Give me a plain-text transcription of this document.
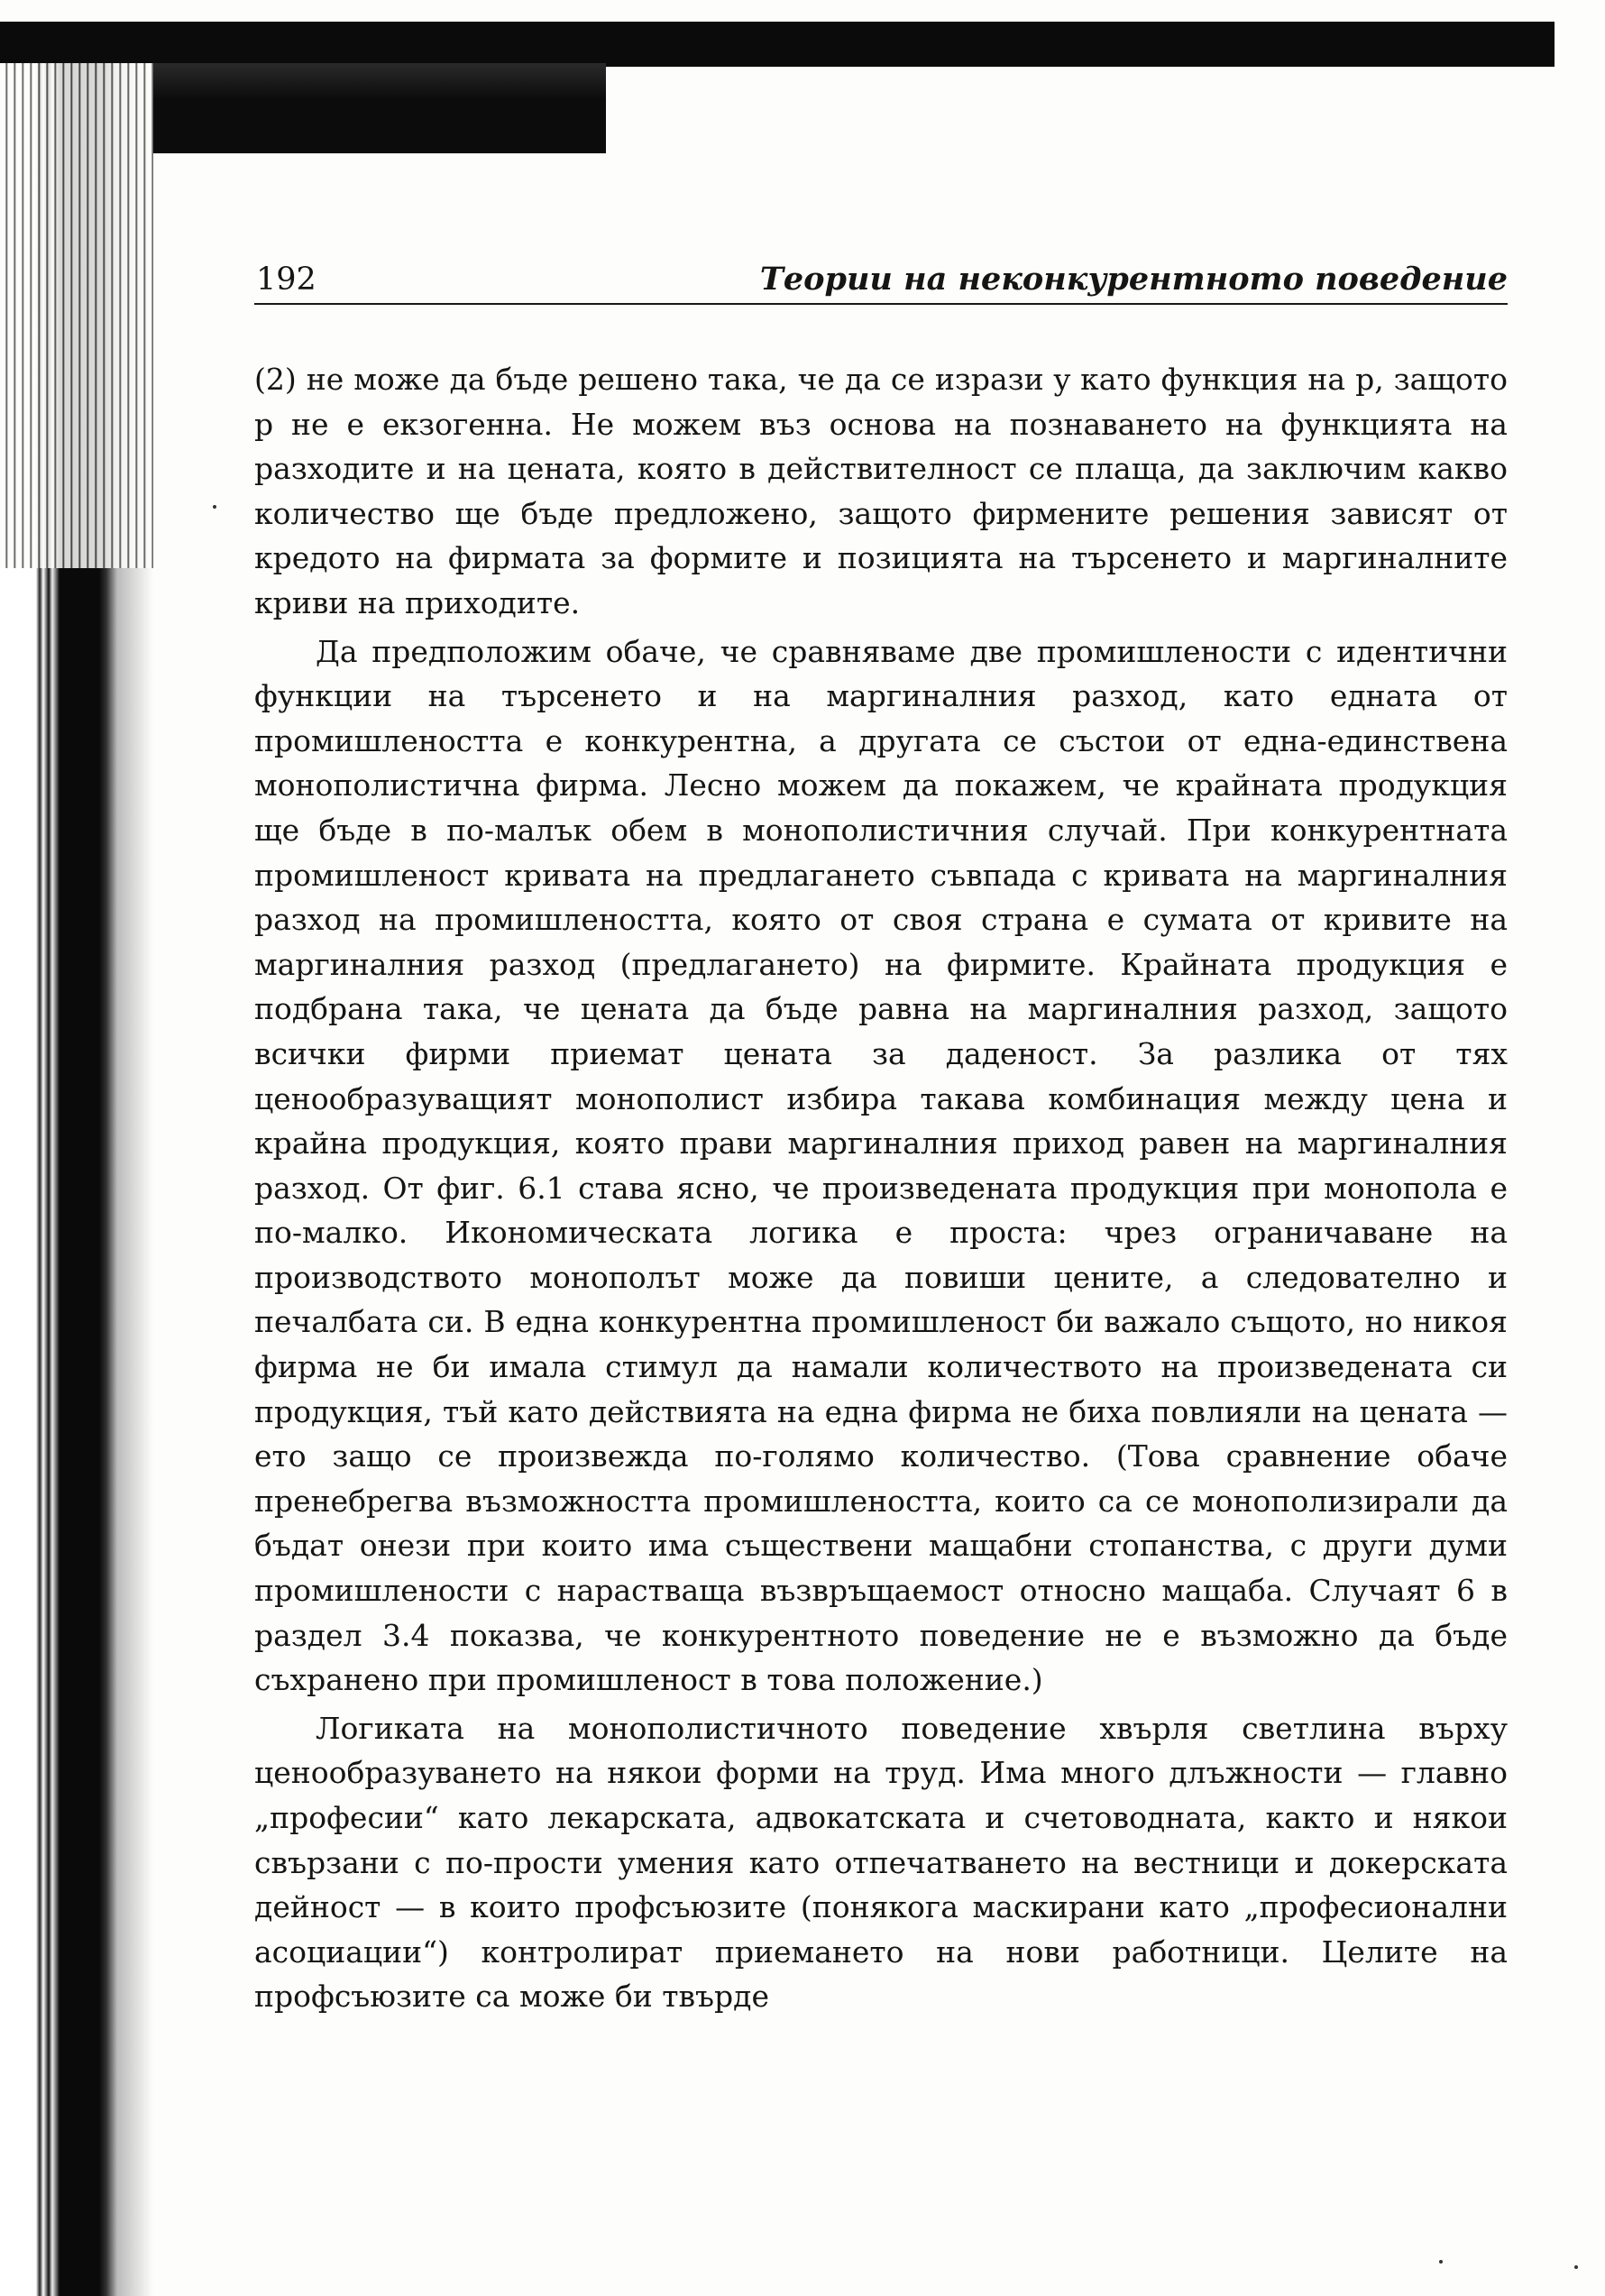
192	Теории на неконкурентното поведение

(2) не може да бъде решено така, че да се изрази y като функция на p, защото p не е екзогенна. Не можем въз основа на познаването на функцията на разходите и на цената, която в действителност се плаща, да заключим какво количество ще бъде предложено, защото фирмените решения зависят от кредото на фирмата за формите и позицията на търсенето и маргиналните криви на приходите.

Да предположим обаче, че сравняваме две промишлености с идентични функции на търсенето и на маргиналния разход, като едната от промишлеността е конкурентна, а другата се състои от една-единствена монополистична фирма. Лесно можем да покажем, че крайната продукция ще бъде в по-малък обем в монополистичния случай. При конкурентната промишленост кривата на предлагането съвпада с кривата на маргиналния разход на промишлеността, която от своя страна е сумата от кривите на маргиналния разход (предлагането) на фирмите. Крайната продукция е подбрана така, че цената да бъде равна на маргиналния разход, защото всички фирми приемат цената за даденост. За разлика от тях ценообразуващият монополист избира такава комбинация между цена и крайна продукция, която прави маргиналния приход равен на маргиналния разход. От фиг. 6.1 става ясно, че произведената продукция при монопола е по-малко. Икономическата логика е проста: чрез ограничаване на производството монополът може да повиши цените, а следователно и печалбата си. В една конкурентна промишленост би важало същото, но никоя фирма не би имала стимул да намали количеството на произведената си продукция, тъй като действията на една фирма не биха повлияли на цената — ето защо се произвежда по-голямо количество. (Това сравнение обаче пренебрегва възможността промишлеността, които са се монополизирали да бъдат онези при които има съществени мащабни стопанства, с други думи промишлености с нарастваща възвръщаемост относно мащаба. Случаят 6 в раздел 3.4 показва, че конкурентното поведение не е възможно да бъде съхранено при промишленост в това положение.)

Логиката на монополистичното поведение хвърля светлина върху ценообразуването на някои форми на труд. Има много длъжности — главно „професии“ като лекарската, адвокатската и счетоводната, както и някои свързани с по-прости умения като отпечатването на вестници и докерската дейност — в които профсъюзите (понякога маскирани като „професионални асоциации“) контролират приемането на нови работници. Целите на профсъюзите са може би твърде
